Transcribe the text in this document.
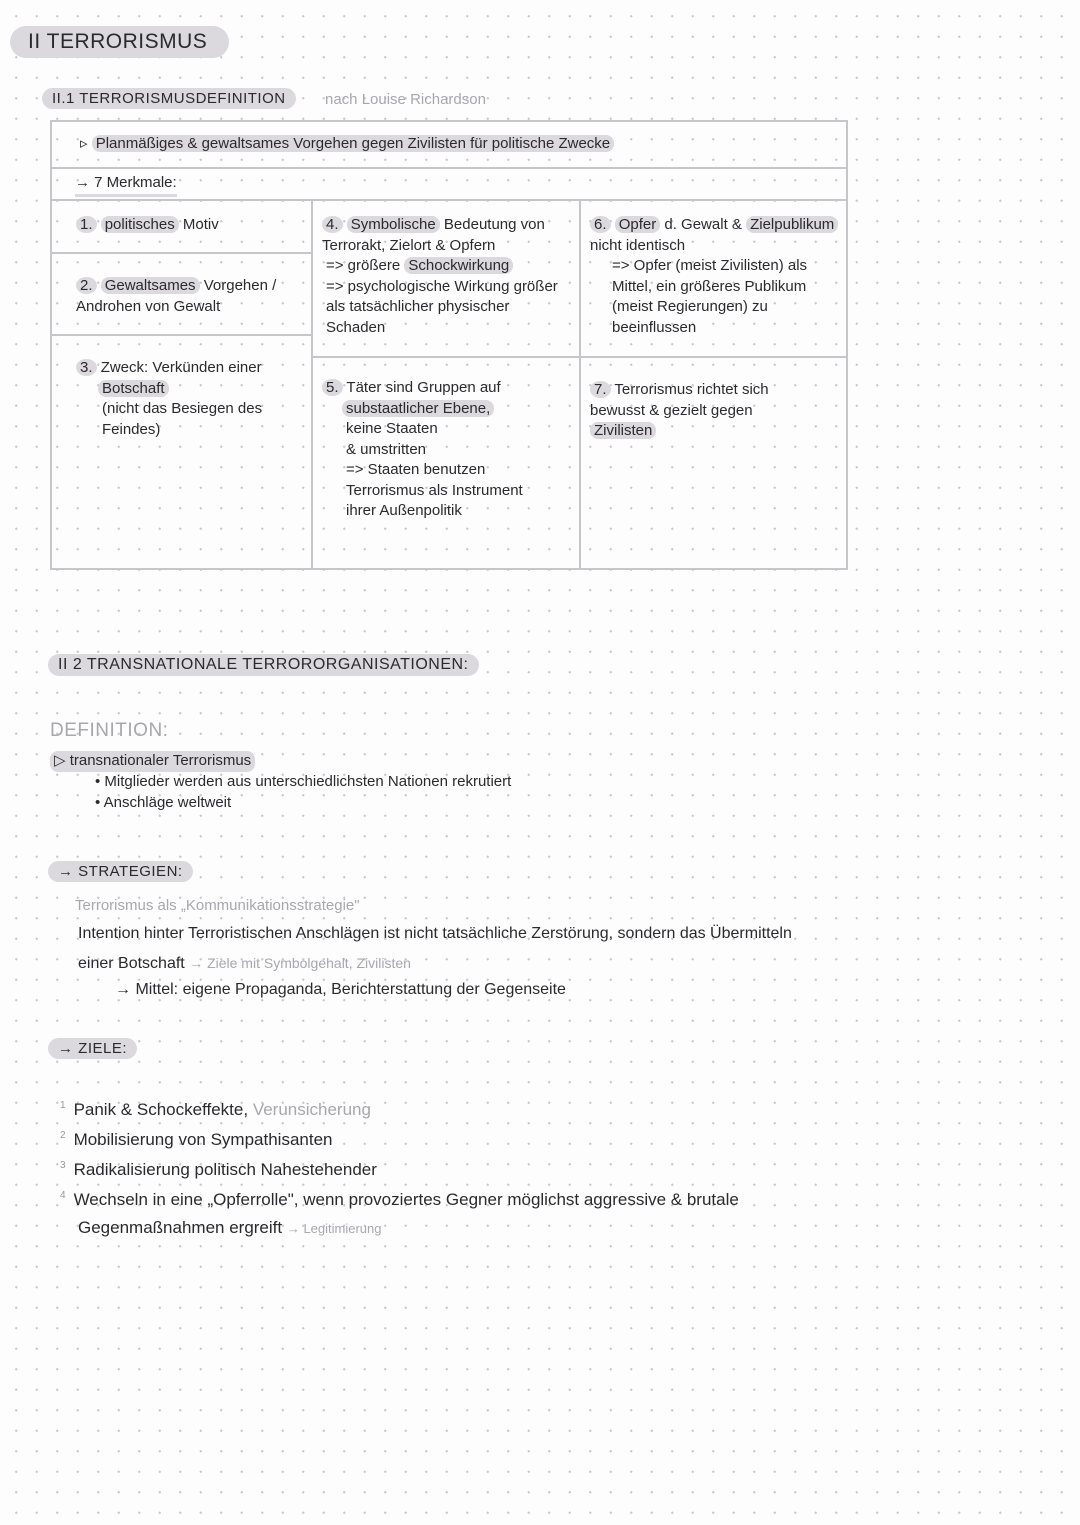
II TERRORISMUS
II.1 TERRORISMUSDEFINITION	nach Louise Richardson
▹ Planmäßiges & gewaltsames Vorgehen gegen Zivilisten für politische Zwecke
→ 7 Merkmale:
1. politisches Motiv
2. Gewaltsames Vorgehen / Androhen von Gewalt
3. Zweck: Verkünden einer
Botschaft

(nicht das Besiegen des Feindes)
4. Symbolische Bedeutung von Terrorakt, Zielort & Opfern
=> größere Schockwirkung
=> psychologische Wirkung größer als tatsächlicher physischer Schaden
5. Täter sind Gruppen auf
substaatlicher Ebene,
keine Staaten
& umstritten
=> Staaten benutzen Terrorismus als Instrument ihrer Außenpolitik
6. Opfer d. Gewalt & Zielpublikum nicht identisch
=> Opfer (meist Zivilisten) als Mittel, ein größeres Publikum (meist Regierungen) zu beeinflussen
7. Terrorismus richtet sich bewusst & gezielt gegen Zivilisten
II 2 TRANSNATIONALE TERRORORGANISATIONEN:
DEFINITION:
▷ transnationaler Terrorismus
• Mitglieder werden aus unterschiedlichsten Nationen rekrutiert
• Anschläge weltweit
→ STRATEGIEN:
Terrorismus als „Kommunikationsstrategie"
Intention hinter Terroristischen Anschlägen ist nicht tatsächliche Zerstörung, sondern das Übermitteln
einer Botschaft → Ziele mit Symbolgehalt, Zivilisten
→ Mittel: eigene Propaganda, Berichterstattung der Gegenseite
→ ZIELE:
$^1$ Panik & Schockeffekte, Verunsicherung
$^2$ Mobilisierung von Sympathisanten
$^3$ Radikalisierung politisch Nahestehender
$^4$ Wechseln in eine „Opferrolle", wenn provoziertes Gegner möglichst aggressive & brutale
Gegenmaßnahmen ergreift → Legitimierung
